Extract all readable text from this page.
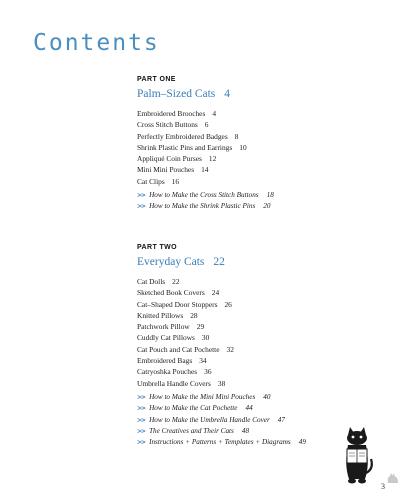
Contents
PART ONE
Palm–Sized Cats 4
Embroidered Brooches 4
Cross Stitch Buttons 6
Perfectly Embroidered Badges 8
Shrink Plastic Pins and Earrings 10
Appliqué Coin Purses 12
Mini Mini Pouches 14
Cat Clips 16
>> How to Make the Cross Stitch Buttons 18
>> How to Make the Shrink Plastic Pins 20
PART TWO
Everyday Cats 22
Cat Dolls 22
Sketched Book Covers 24
Cat–Shaped Door Stoppers 26
Knitted Pillows 28
Patchwork Pillow 29
Cuddly Cat Pillows 30
Cat Pouch and Cat Pochette 32
Embroidered Bags 34
Catryoshka Pouches 36
Umbrella Handle Covers 38
>> How to Make the Mini Mini Pouches 40
>> How to Make the Cat Pochette 44
>> How to Make the Umbrella Handle Cover 47
>> The Creatives and Their Cats 48
>> Instructions + Patterns + Templates + Diagrams 49
3
